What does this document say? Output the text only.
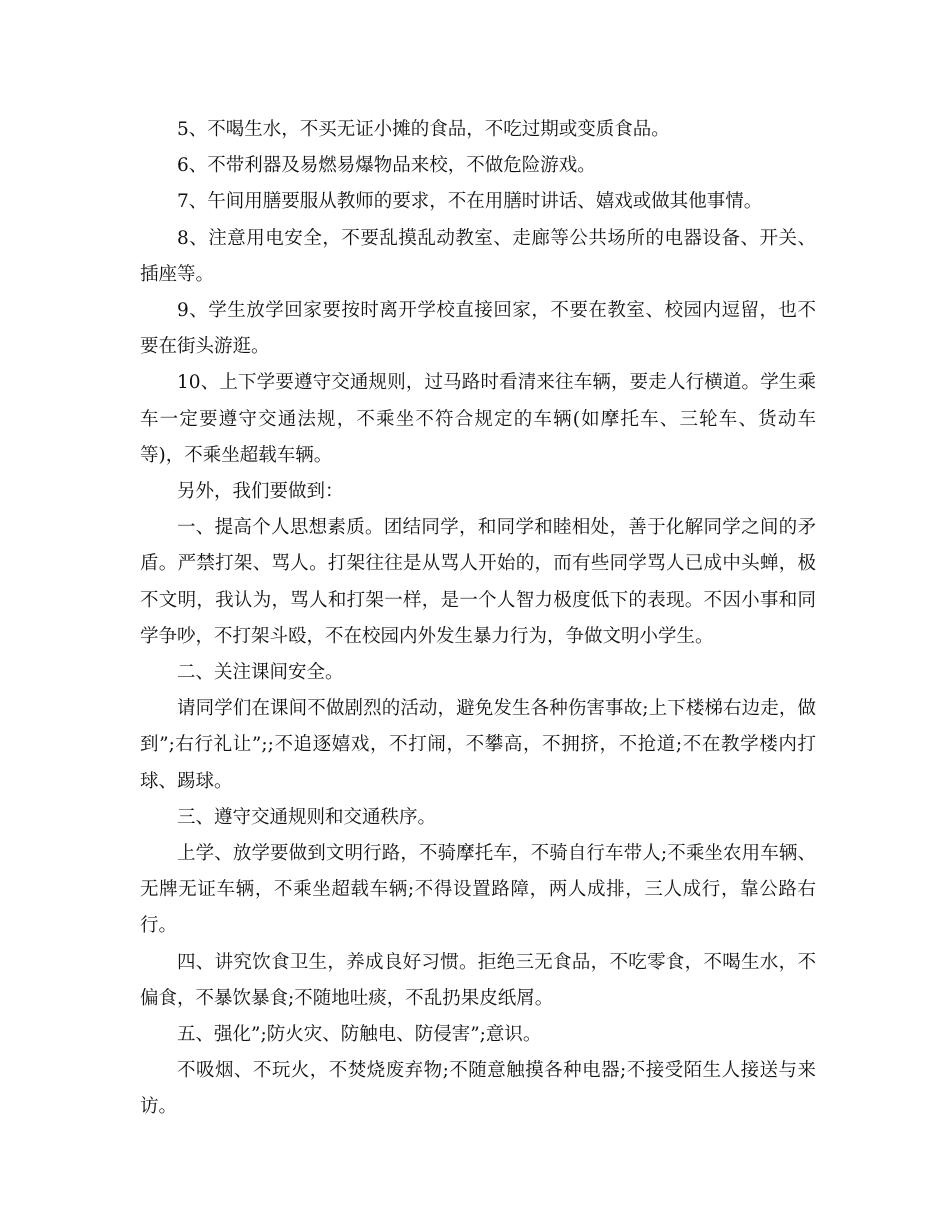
5、不喝生水，不买无证小摊的食品，不吃过期或变质食品。

6、不带利器及易燃易爆物品来校，不做危险游戏。

7、午间用膳要服从教师的要求，不在用膳时讲话、嬉戏或做其他事情。

8、注意用电安全，不要乱摸乱动教室、走廊等公共场所的电器设备、开关、插座等。

9、学生放学回家要按时离开学校直接回家，不要在教室、校园内逗留，也不要在街头游逛。

10、上下学要遵守交通规则，过马路时看清来往车辆，要走人行横道。学生乘车一定要遵守交通法规，不乘坐不符合规定的车辆(如摩托车、三轮车、货动车等)，不乘坐超载车辆。

另外，我们要做到：

一、提高个人思想素质。团结同学，和同学和睦相处，善于化解同学之间的矛盾。严禁打架、骂人。打架往往是从骂人开始的，而有些同学骂人已成中头蝉，极不文明，我认为，骂人和打架一样，是一个人智力极度低下的表现。不因小事和同学争吵，不打架斗殴，不在校园内外发生暴力行为，争做文明小学生。

二、关注课间安全。

请同学们在课间不做剧烈的活动，避免发生各种伤害事故;上下楼梯右边走，做到”;右行礼让”;;不追逐嬉戏，不打闹，不攀高，不拥挤，不抢道;不在教学楼内打球、踢球。

三、遵守交通规则和交通秩序。

上学、放学要做到文明行路，不骑摩托车，不骑自行车带人;不乘坐农用车辆、无牌无证车辆，不乘坐超载车辆;不得设置路障，两人成排，三人成行，靠公路右行。

四、讲究饮食卫生，养成良好习惯。拒绝三无食品，不吃零食，不喝生水，不偏食，不暴饮暴食;不随地吐痰，不乱扔果皮纸屑。

五、强化”;防火灾、防触电、防侵害”;意识。

不吸烟、不玩火，不焚烧废弃物;不随意触摸各种电器;不接受陌生人接送与来访。
